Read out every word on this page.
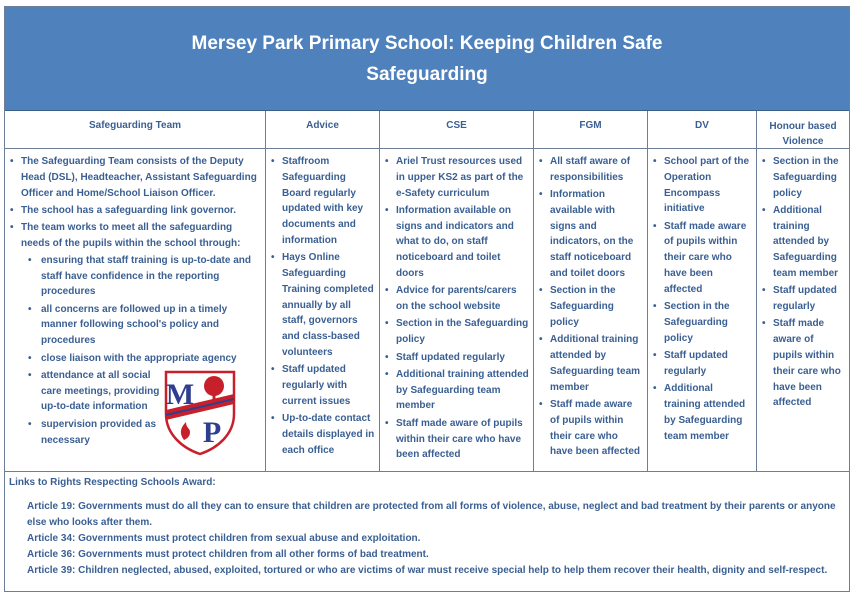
Mersey Park Primary School: Keeping Children Safe
Safeguarding
Safeguarding Team
• The Safeguarding Team consists of the Deputy Head (DSL), Headteacher, Assistant Safeguarding Officer and Home/School Liaison Officer.
• The school has a safeguarding link governor.
• The team works to meet all the safeguarding needs of the pupils within the school through:
• ensuring that staff training is up-to-date and staff have confidence in the reporting procedures
• all concerns are followed up in a timely manner following school's policy and procedures
• close liaison with the appropriate agency
• attendance at all social care meetings, providing up-to-date information
• supervision provided as necessary
M
P
Advice
• Staffroom Safeguarding Board regularly updated with key documents and information
• Hays Online Safeguarding Training completed annually by all staff, governors and class-based volunteers
• Staff updated regularly with current issues
• Up-to-date contact details displayed in each office
CSE
• Ariel Trust resources used in upper KS2 as part of the e-Safety curriculum
• Information available on signs and indicators and what to do, on staff noticeboard and toilet doors
• Advice for parents/carers on the school website
• Section in the Safeguarding policy
• Staff updated regularly
• Additional training attended by Safeguarding team member
• Staff made aware of pupils within their care who have been affected
FGM
• All staff aware of responsibilities
• Information available with signs and indicators, on the staff noticeboard and toilet doors
• Section in the Safeguarding policy
• Additional training attended by Safeguarding team member
• Staff made aware of pupils within their care who have been affected
DV
• School part of the Operation Encompass initiative
• Staff made aware of pupils within their care who have been affected
• Section in the Safeguarding policy
• Staff updated regularly
• Additional training attended by Safeguarding team member
Honour based Violence
• Section in the Safeguarding policy
• Additional training attended by Safeguarding team member
• Staff updated regularly
• Staff made aware of pupils within their care who have been affected
Links to Rights Respecting Schools Award:
Article 19: Governments must do all they can to ensure that children are protected from all forms of violence, abuse, neglect and bad treatment by their parents or anyone else who looks after them.
Article 34: Governments must protect children from sexual abuse and exploitation.
Article 36: Governments must protect children from all other forms of bad treatment.
Article 39: Children neglected, abused, exploited, tortured or who are victims of war must receive special help to help them recover their health, dignity and self-respect.
